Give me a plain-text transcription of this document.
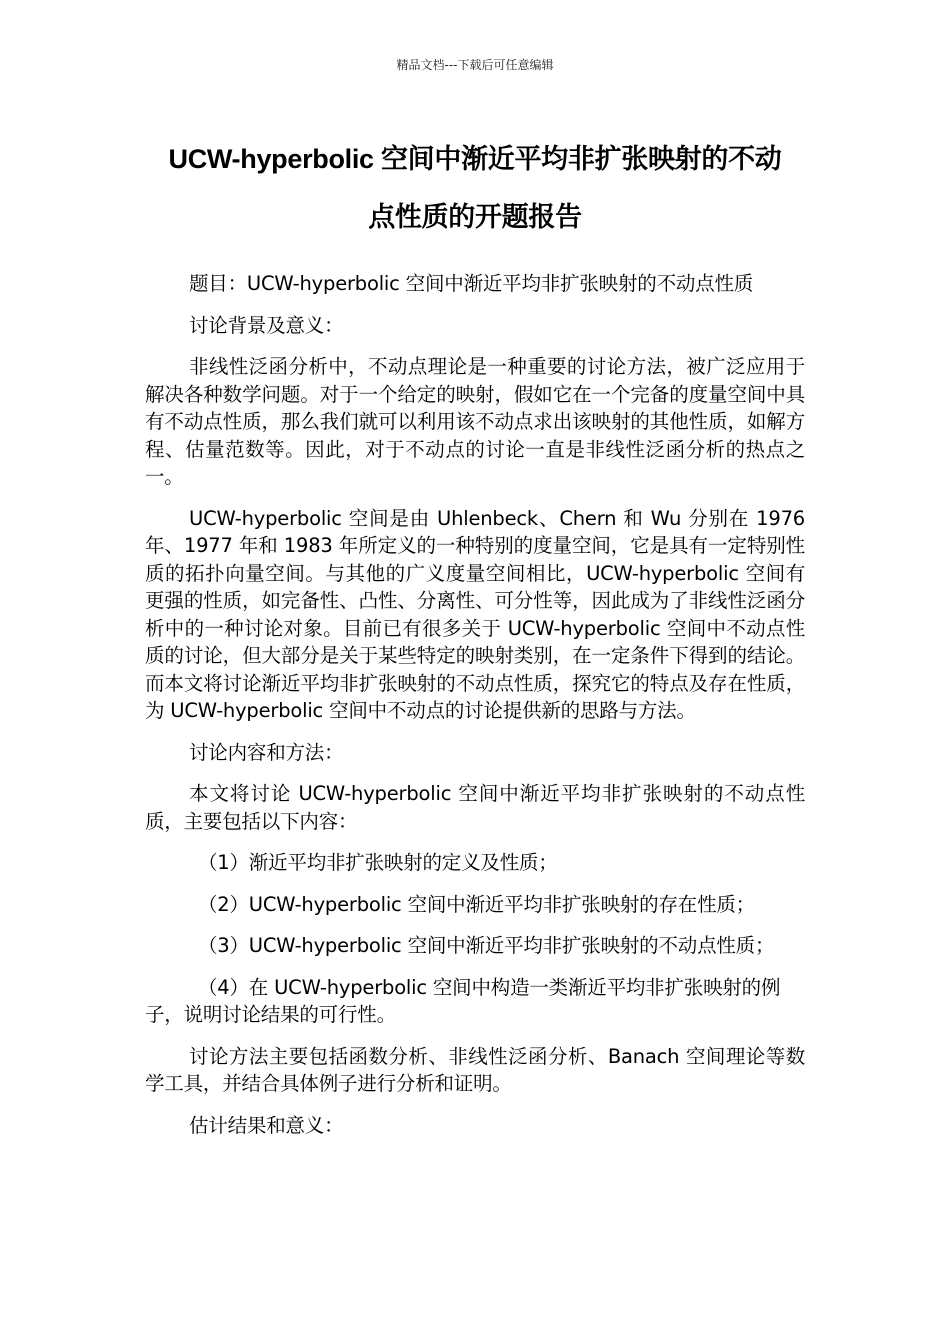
精品文档---下载后可任意编辑
UCW-hyperbolic 空间中渐近平均非扩张映射的不动
点性质的开题报告

题目：UCW-hyperbolic 空间中渐近平均非扩张映射的不动点性质

讨论背景及意义：

非线性泛函分析中，不动点理论是一种重要的讨论方法，被广泛应用于解决各种数学问题。对于一个给定的映射，假如它在一个完备的度量空间中具有不动点性质，那么我们就可以利用该不动点求出该映射的其他性质，如解方程、估量范数等。因此，对于不动点的讨论一直是非线性泛函分析的热点之一。

UCW-hyperbolic 空间是由 Uhlenbeck、Chern 和 Wu 分别在 1976 年、1977 年和 1983 年所定义的一种特别的度量空间，它是具有一定特别性质的拓扑向量空间。与其他的广义度量空间相比，UCW-hyperbolic 空间有更强的性质，如完备性、凸性、分离性、可分性等，因此成为了非线性泛函分析中的一种讨论对象。目前已有很多关于 UCW-hyperbolic 空间中不动点性质的讨论，但大部分是关于某些特定的映射类别，在一定条件下得到的结论。而本文将讨论渐近平均非扩张映射的不动点性质，探究它的特点及存在性质，为 UCW-hyperbolic 空间中不动点的讨论提供新的思路与方法。

讨论内容和方法：

本文将讨论 UCW-hyperbolic 空间中渐近平均非扩张映射的不动点性质，主要包括以下内容：

（1）渐近平均非扩张映射的定义及性质；

（2）UCW-hyperbolic 空间中渐近平均非扩张映射的存在性质；

（3）UCW-hyperbolic 空间中渐近平均非扩张映射的不动点性质；

（4）在 UCW-hyperbolic 空间中构造一类渐近平均非扩张映射的例子，说明讨论结果的可行性。

讨论方法主要包括函数分析、非线性泛函分析、Banach 空间理论等数学工具，并结合具体例子进行分析和证明。

估计结果和意义：
